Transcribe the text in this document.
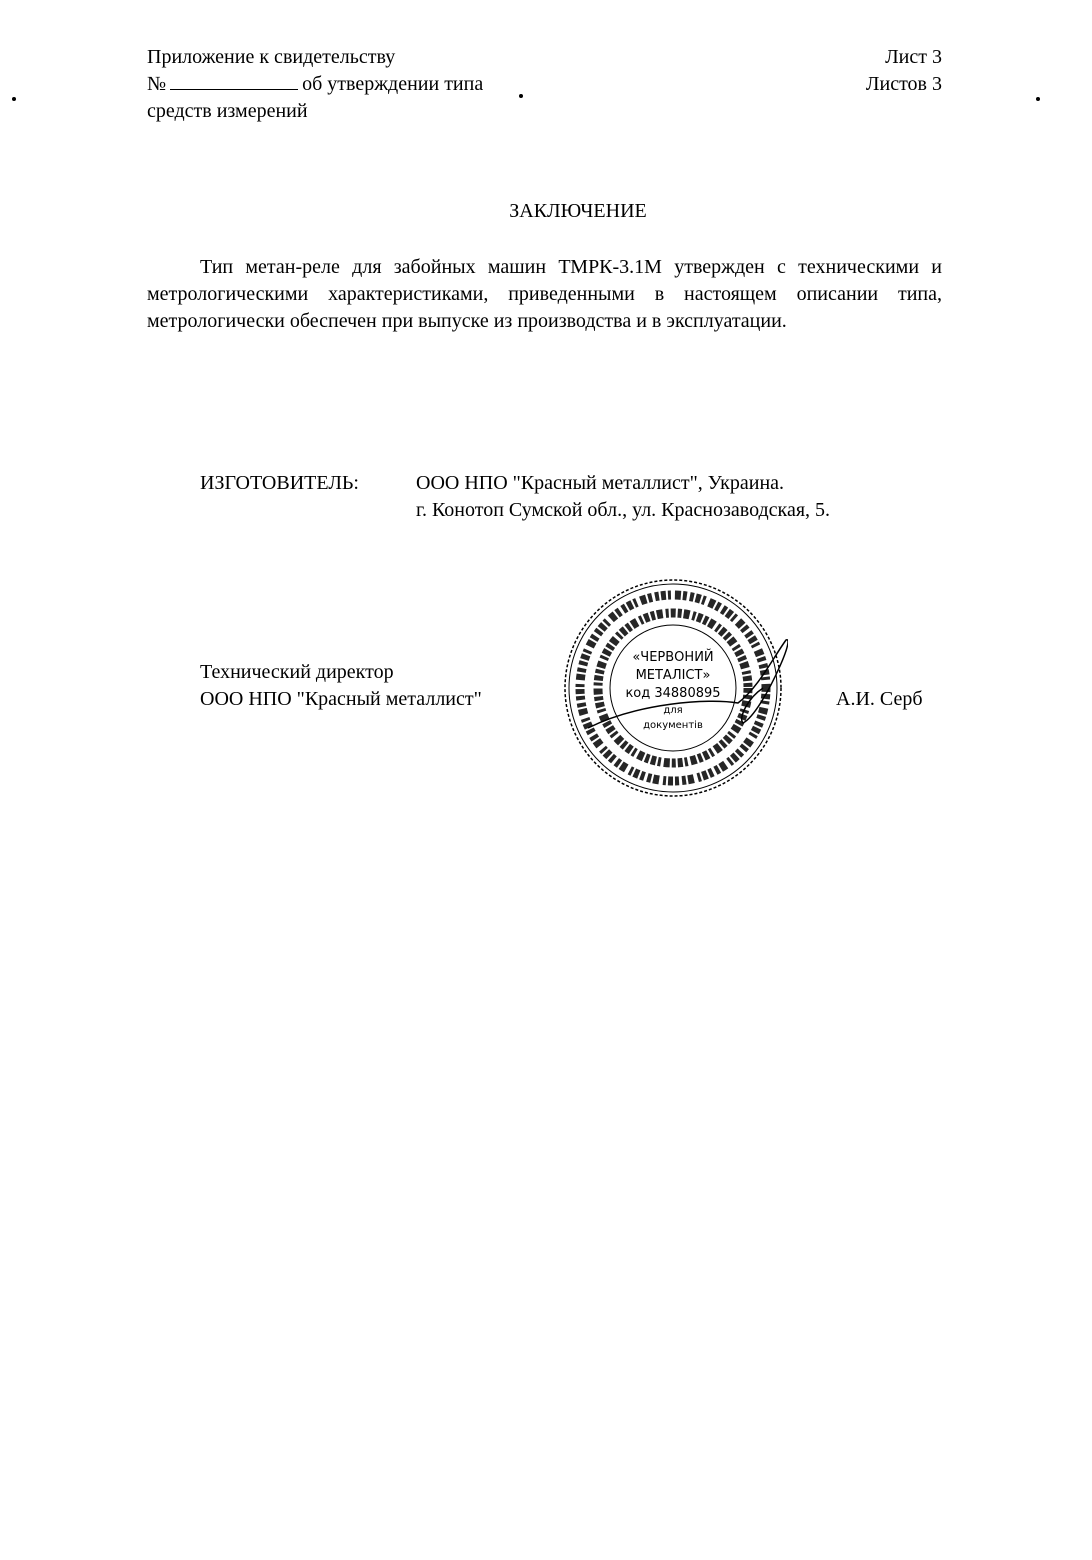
Приложение к свидетельству
№	об утверждении типа
средств измерений
Лист 3
Листов 3
ЗАКЛЮЧЕНИЕ
Тип метан-реле для забойных машин ТМРК-3.1М утвержден с техническими и метрологическими характеристиками, приведенными в настоящем описании типа, метрологически обеспечен при выпуске из производства и в эксплуатации.
ИЗГОТОВИТЕЛЬ:	ООО НПО "Красный металлист", Украина.
г. Конотоп Сумской обл., ул. Краснозаводская, 5.
Технический директор
ООО НПО "Красный металлист"	А.И. Серб
«ЧЕРВОНИЙ
МЕТАЛІСТ»
код 34880895
для
документів
